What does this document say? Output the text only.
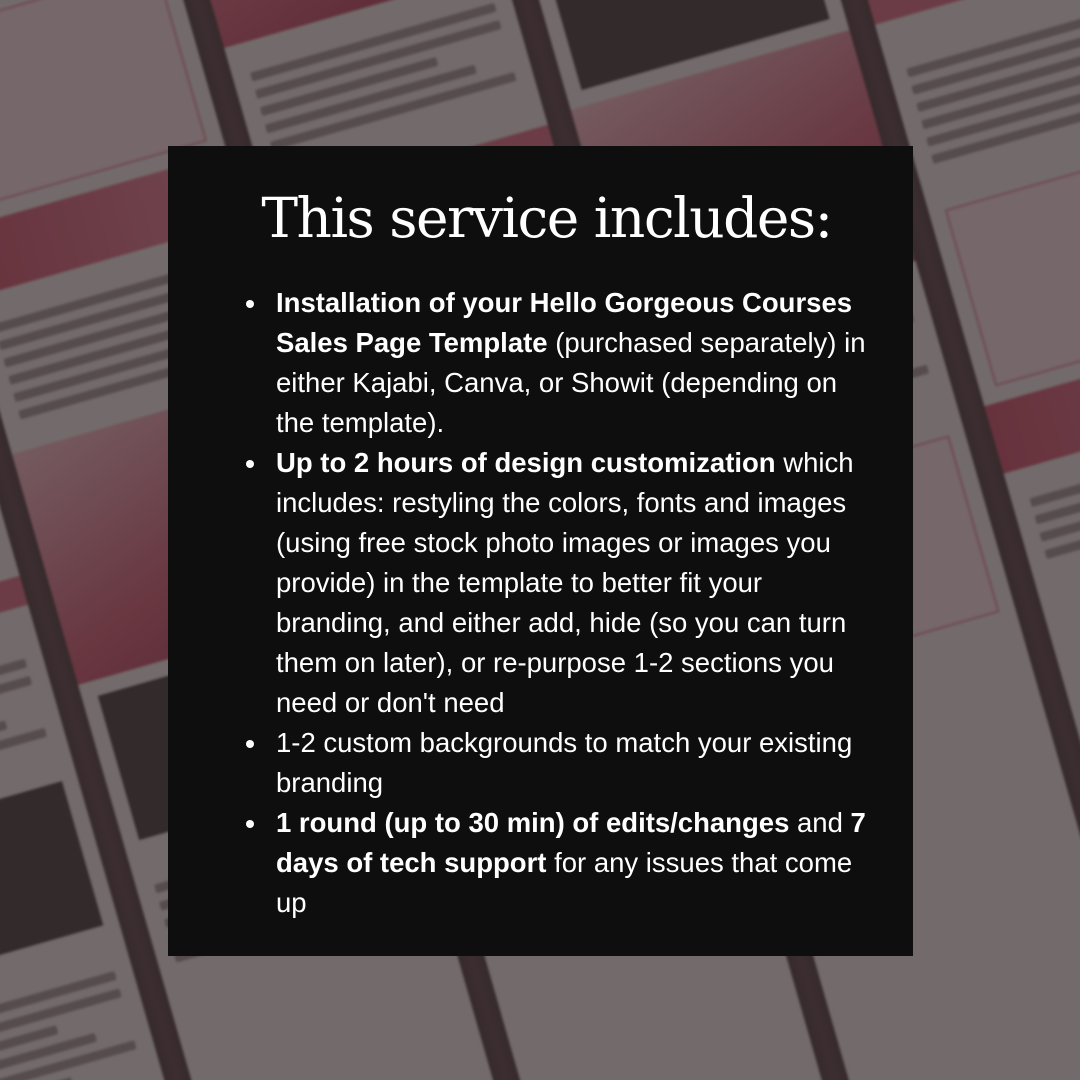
This service includes:
Installation of your Hello Gorgeous Courses Sales Page Template (purchased separately) in either Kajabi, Canva, or Showit (depending on the template).
Up to 2 hours of design customization which includes: restyling the colors, fonts and images (using free stock photo images or images you provide) in the template to better fit your branding, and either add, hide (so you can turn them on later), or re-purpose 1-2 sections you need or don't need
1-2 custom backgrounds to match your existing branding
1 round (up to 30 min) of edits/changes and 7 days of tech support for any issues that come up
